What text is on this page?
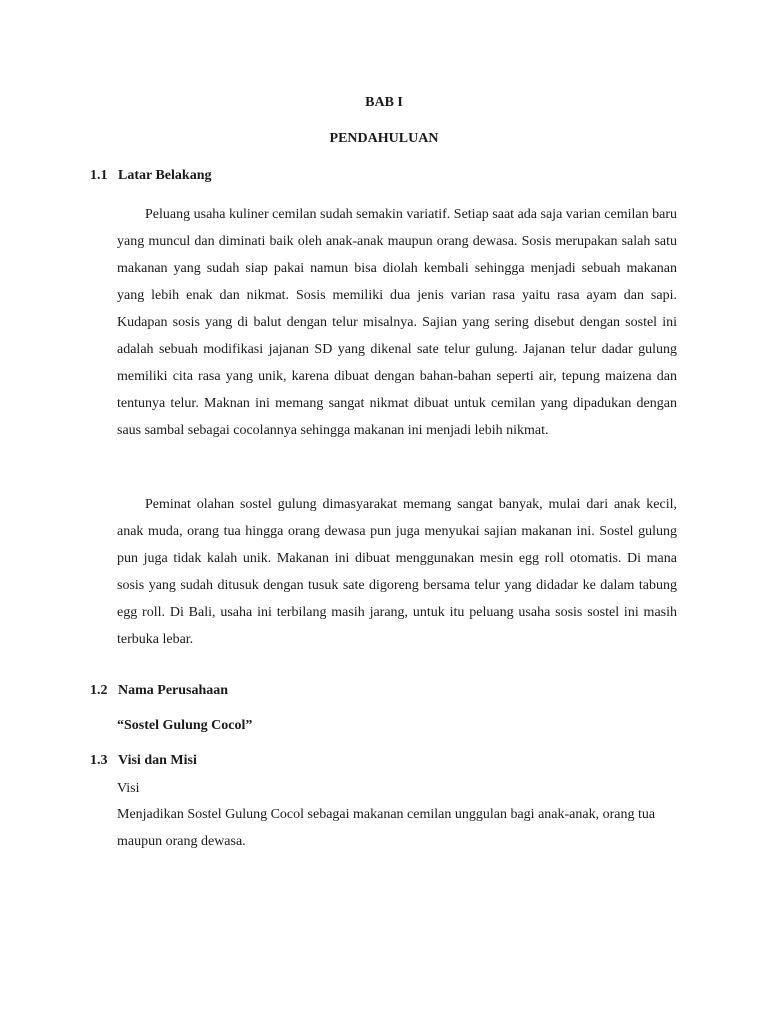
BAB I
PENDAHULUAN
1.1 Latar Belakang

Peluang usaha kuliner cemilan sudah semakin variatif. Setiap saat ada saja varian cemilan baru yang muncul dan diminati baik oleh anak-anak maupun orang dewasa. Sosis merupakan salah satu makanan yang sudah siap pakai namun bisa diolah kembali sehingga menjadi sebuah makanan yang lebih enak dan nikmat. Sosis memiliki dua jenis varian rasa yaitu rasa ayam dan sapi. Kudapan sosis yang di balut dengan telur misalnya. Sajian yang sering disebut dengan sostel ini adalah sebuah modifikasi jajanan SD yang dikenal sate telur gulung. Jajanan telur dadar gulung memiliki cita rasa yang unik, karena dibuat dengan bahan-bahan seperti air, tepung maizena dan tentunya telur. Maknan ini memang sangat nikmat dibuat untuk cemilan yang dipadukan dengan saus sambal sebagai cocolannya sehingga makanan ini menjadi lebih nikmat.

Peminat olahan sostel gulung dimasyarakat memang sangat banyak, mulai dari anak kecil, anak muda, orang tua hingga orang dewasa pun juga menyukai sajian makanan ini. Sostel gulung pun juga tidak kalah unik. Makanan ini dibuat menggunakan mesin egg roll otomatis. Di mana sosis yang sudah ditusuk dengan tusuk sate digoreng bersama telur yang didadar ke dalam tabung egg roll. Di Bali, usaha ini terbilang masih jarang, untuk itu peluang usaha sosis sostel ini masih terbuka lebar.

1.2 Nama Perusahaan
“Sostel Gulung Cocol”
1.3 Visi dan Misi

Visi

Menjadikan Sostel Gulung Cocol sebagai makanan cemilan unggulan bagi anak-anak, orang tua maupun orang dewasa.
